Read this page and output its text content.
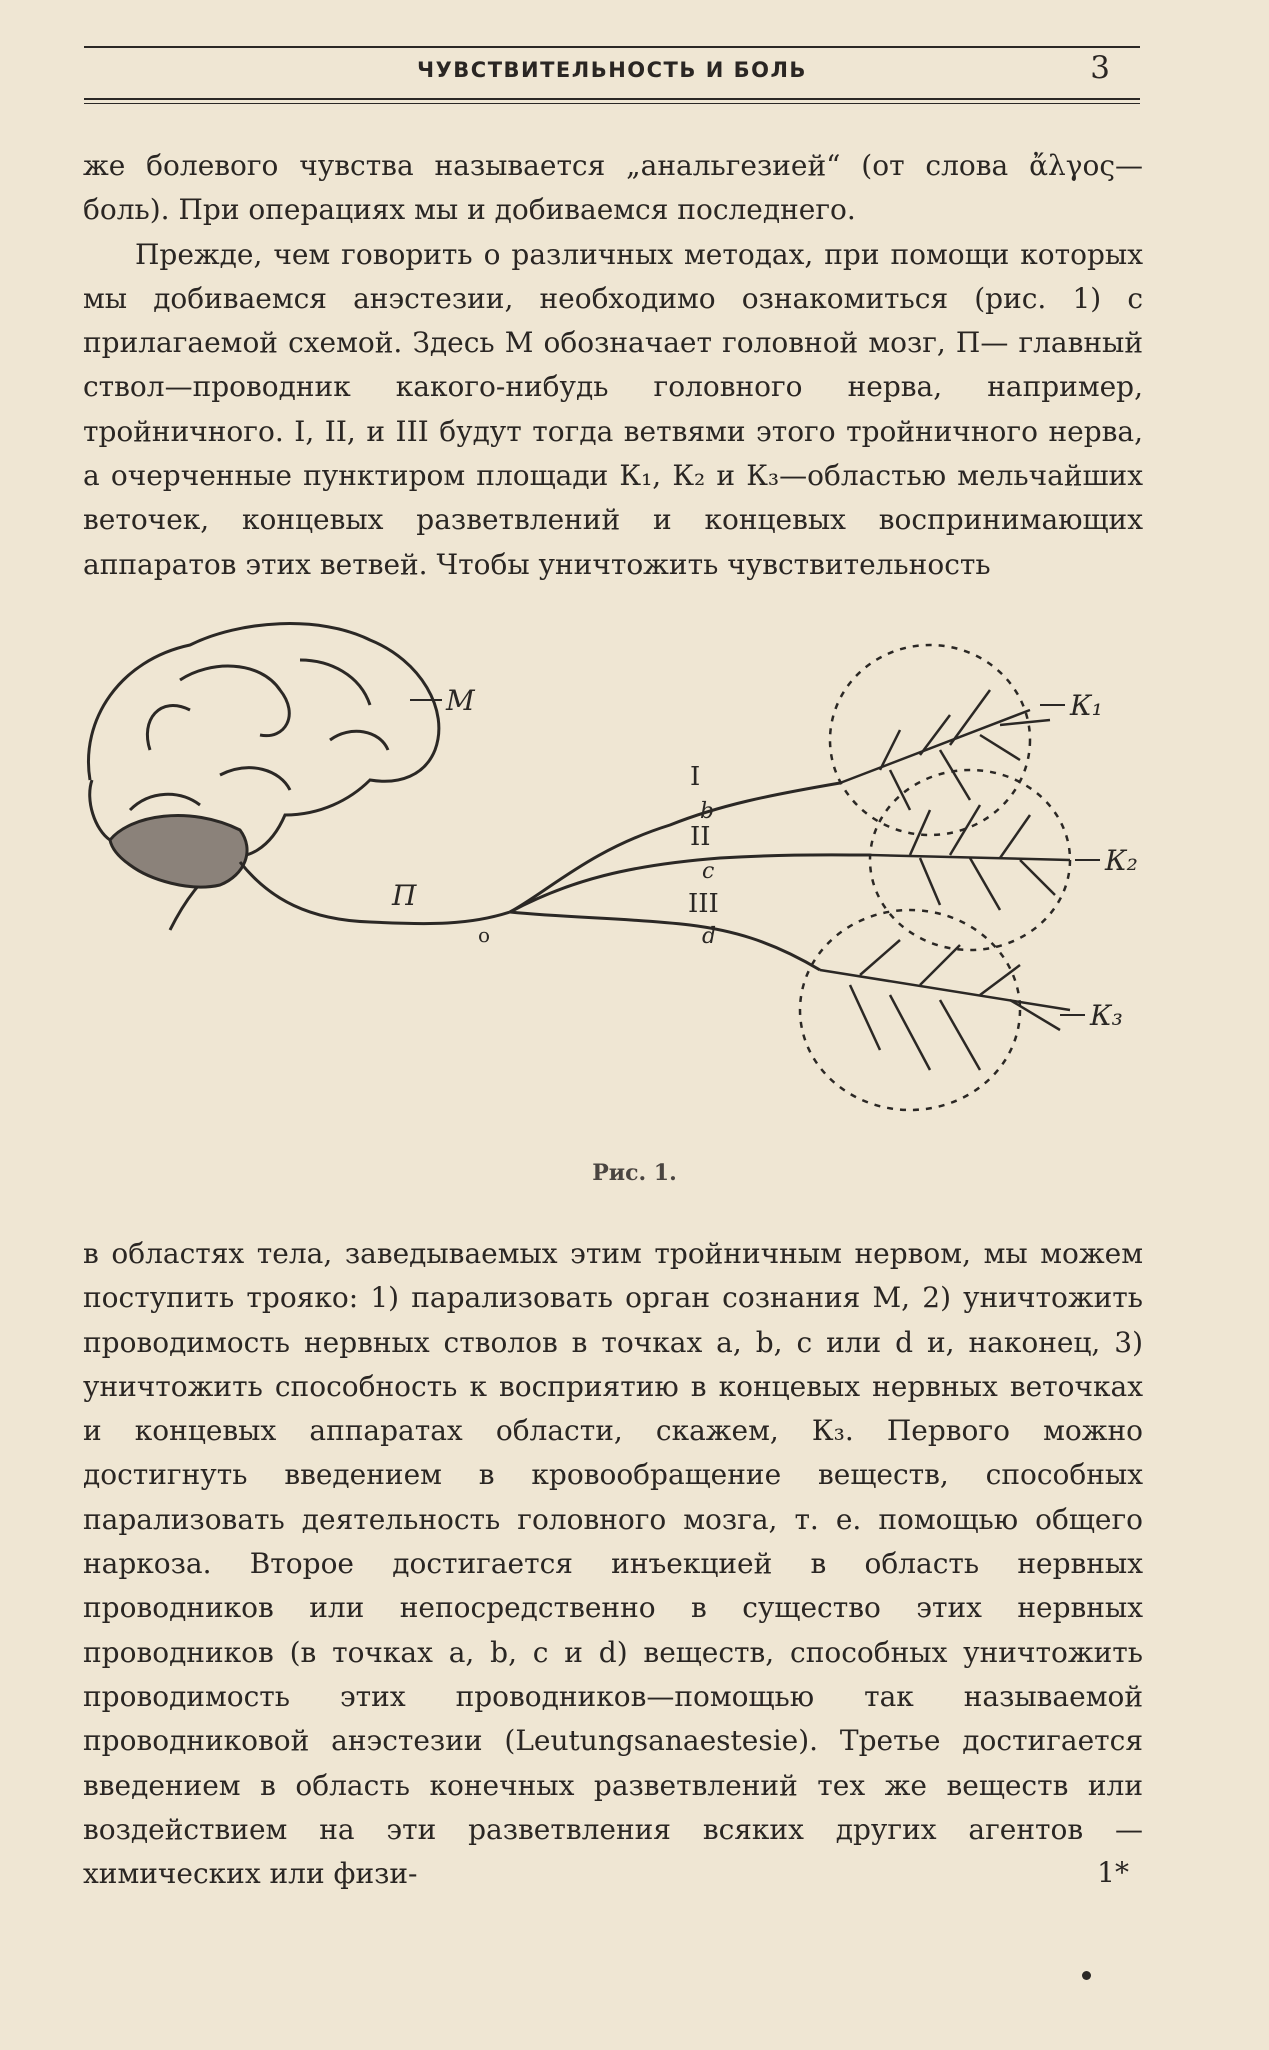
ЧУВСТВИТЕЛЬНОСТЬ И БОЛЬ	3

же болевого чувства называется „анальгезией“ (от слова ἄλγος— боль). При операциях мы и добиваемся последнего.

Прежде, чем говорить о различных методах, при помощи которых мы добиваемся анэстезии, необходимо ознакомиться (рис. 1) с прилагаемой схемой. Здесь М обозначает головной мозг, П— главный ствол—проводник какого-нибудь головного нерва, например, тройничного. I, II, и III будут тогда ветвями этого тройничного нерва, а очерченные пунктиром площади К₁, К₂ и К₃—областью мельчайших веточек, концевых разветвлений и концевых воспринимающих аппаратов этих ветвей. Чтобы уничтожить чувствительность

М	К₁
К₂
К₃
П
о
I
b
II
c
III
d
Рис. 1.

в областях тела, заведываемых этим тройничным нервом, мы можем поступить трояко: 1) парализовать орган сознания М, 2) уничтожить проводимость нервных стволов в точках a, b, c или d и, наконец, 3) уничтожить способность к восприятию в концевых нервных веточках и концевых аппаратах области, скажем, К₃. Первого можно достигнуть введением в кровообращение веществ, способных парализовать деятельность головного мозга, т. е. помощью общего наркоза. Второе достигается инъекцией в область нервных проводников или непосредственно в существо этих нервных проводников (в точках a, b, c и d) веществ, способных уничтожить проводимость этих проводников—помощью так называемой проводниковой анэстезии (Leutungsanaestesie). Третье достигается введением в область конечных разветвлений тех же веществ или воздействием на эти разветвления всяких других агентов — химических или физи-	1*
